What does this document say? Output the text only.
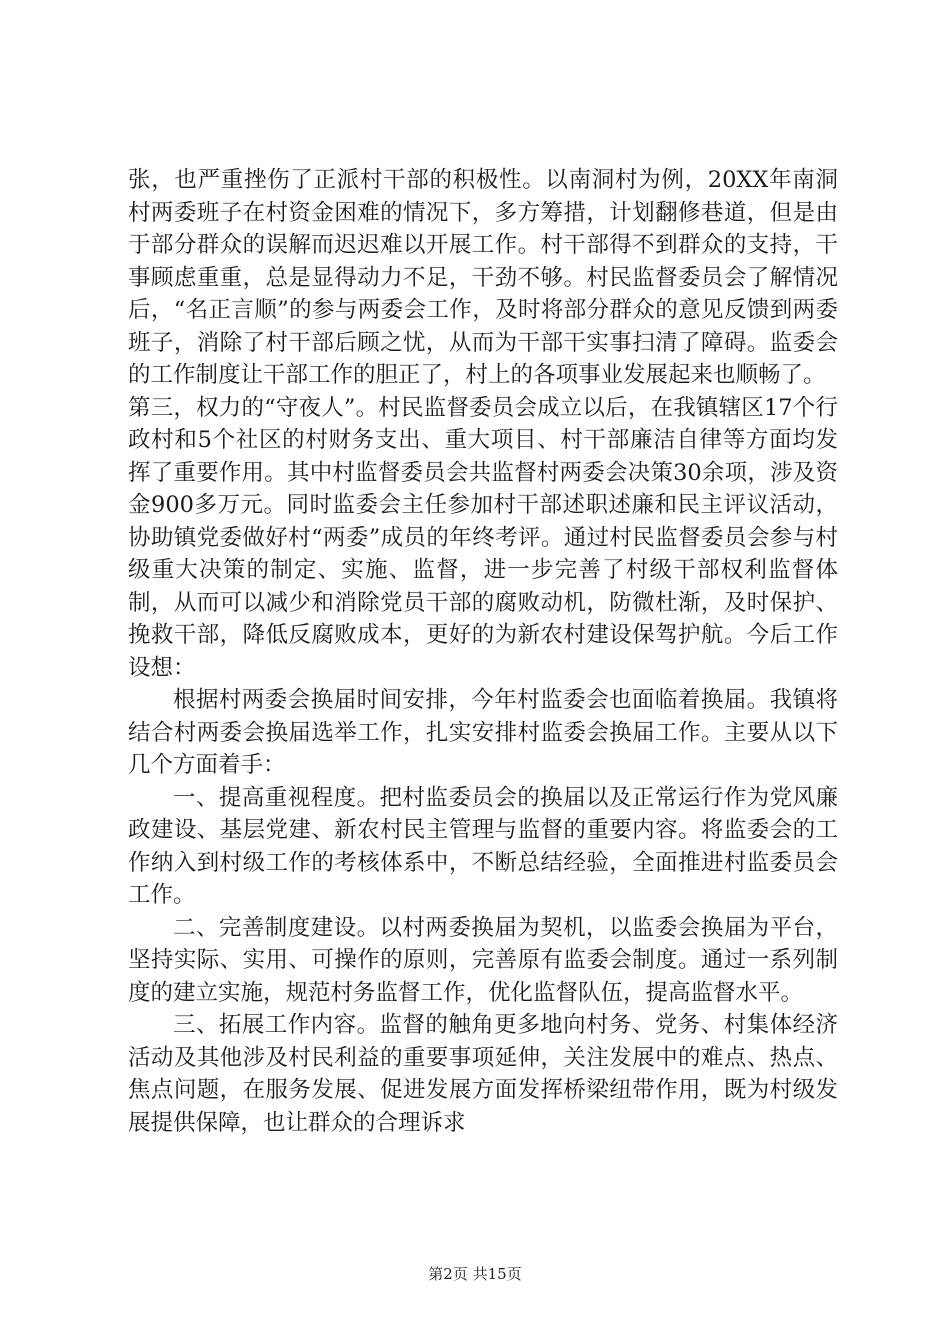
张，也严重挫伤了正派村干部的积极性。以南洞村为例，20XX年南洞村两委班子在村资金困难的情况下，多方筹措，计划翻修巷道，但是由于部分群众的误解而迟迟难以开展工作。村干部得不到群众的支持，干事顾虑重重，总是显得动力不足，干劲不够。村民监督委员会了解情况后，“名正言顺”的参与两委会工作，及时将部分群众的意见反馈到两委班子，消除了村干部后顾之忧，从而为干部干实事扫清了障碍。监委会的工作制度让干部工作的胆正了，村上的各项事业发展起来也顺畅了。

第三，权力的“守夜人”。村民监督委员会成立以后，在我镇辖区17个行政村和5个社区的村财务支出、重大项目、村干部廉洁自律等方面均发挥了重要作用。其中村监督委员会共监督村两委会决策30余项，涉及资金900多万元。同时监委会主任参加村干部述职述廉和民主评议活动，协助镇党委做好村“两委”成员的年终考评。通过村民监督委员会参与村级重大决策的制定、实施、监督，进一步完善了村级干部权利监督体制，从而可以减少和消除党员干部的腐败动机，防微杜渐，及时保护、挽救干部，降低反腐败成本，更好的为新农村建设保驾护航。今后工作设想：

根据村两委会换届时间安排，今年村监委会也面临着换届。我镇将结合村两委会换届选举工作，扎实安排村监委会换届工作。主要从以下几个方面着手：

一、提高重视程度。把村监委员会的换届以及正常运行作为党风廉政建设、基层党建、新农村民主管理与监督的重要内容。将监委会的工作纳入到村级工作的考核体系中，不断总结经验，全面推进村监委员会工作。

二、完善制度建设。以村两委换届为契机，以监委会换届为平台，坚持实际、实用、可操作的原则，完善原有监委会制度。通过一系列制度的建立实施，规范村务监督工作，优化监督队伍，提高监督水平。

三、拓展工作内容。监督的触角更多地向村务、党务、村集体经济活动及其他涉及村民利益的重要事项延伸，关注发展中的难点、热点、焦点问题，在服务发展、促进发展方面发挥桥梁纽带作用，既为村级发展提供保障，也让群众的合理诉求

第2页 共15页
